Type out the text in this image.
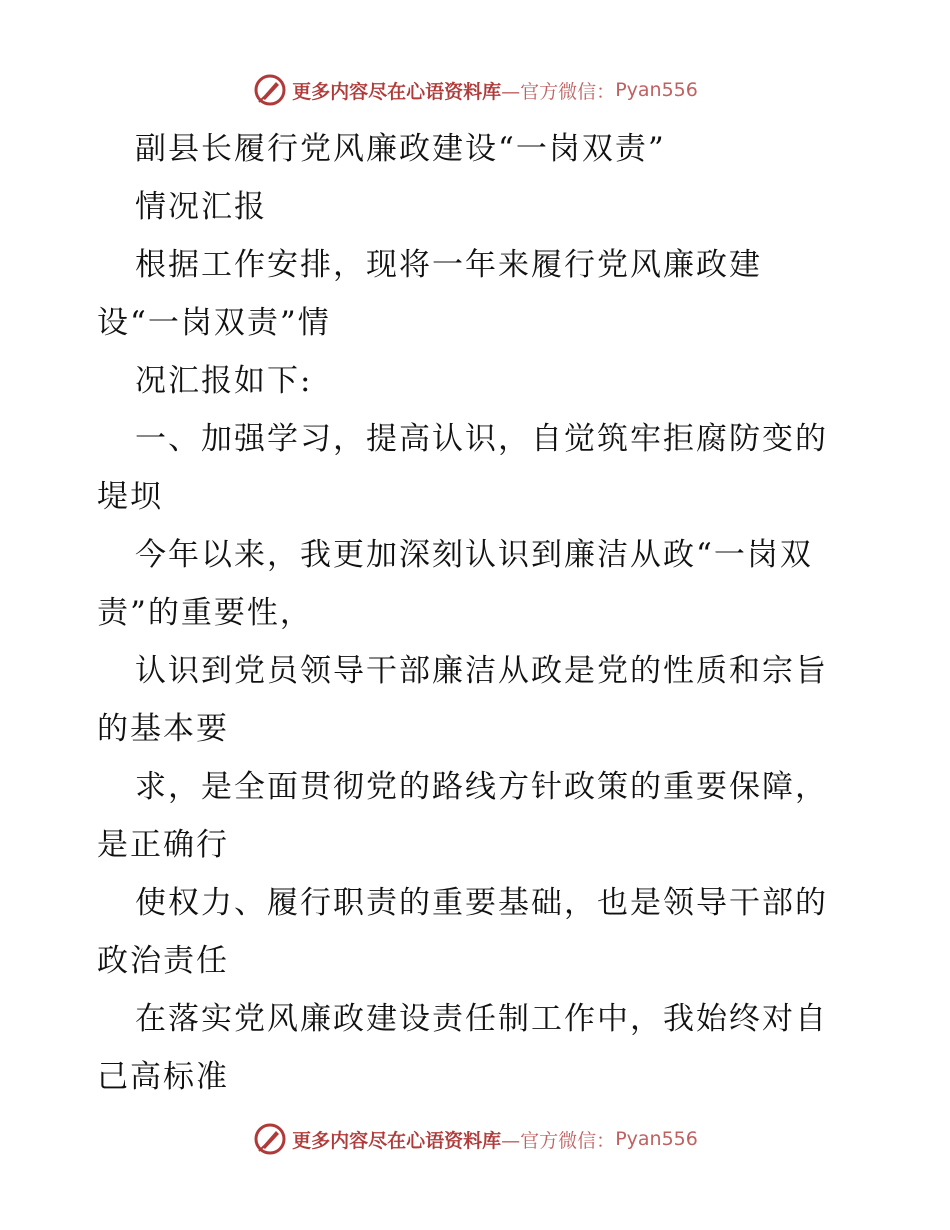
更多内容尽在心语资料库 —官方微信： Pyan556
副县长履行党风廉政建设“一岗双责”
情况汇报
根据工作安排，现将一年来履行党风廉政建
设“一岗双责”情
况汇报如下:
一、加强学习，提高认识，自觉筑牢拒腐防变的
堤坝
今年以来，我更加深刻认识到廉洁从政“一岗双
责”的重要性，
认识到党员领导干部廉洁从政是党的性质和宗旨
的基本要
求，是全面贯彻党的路线方针政策的重要保障，
是正确行
使权力、履行职责的重要基础，也是领导干部的
政治责任
在落实党风廉政建设责任制工作中，我始终对自
己高标准
更多内容尽在心语资料库 —官方微信： Pyan556
